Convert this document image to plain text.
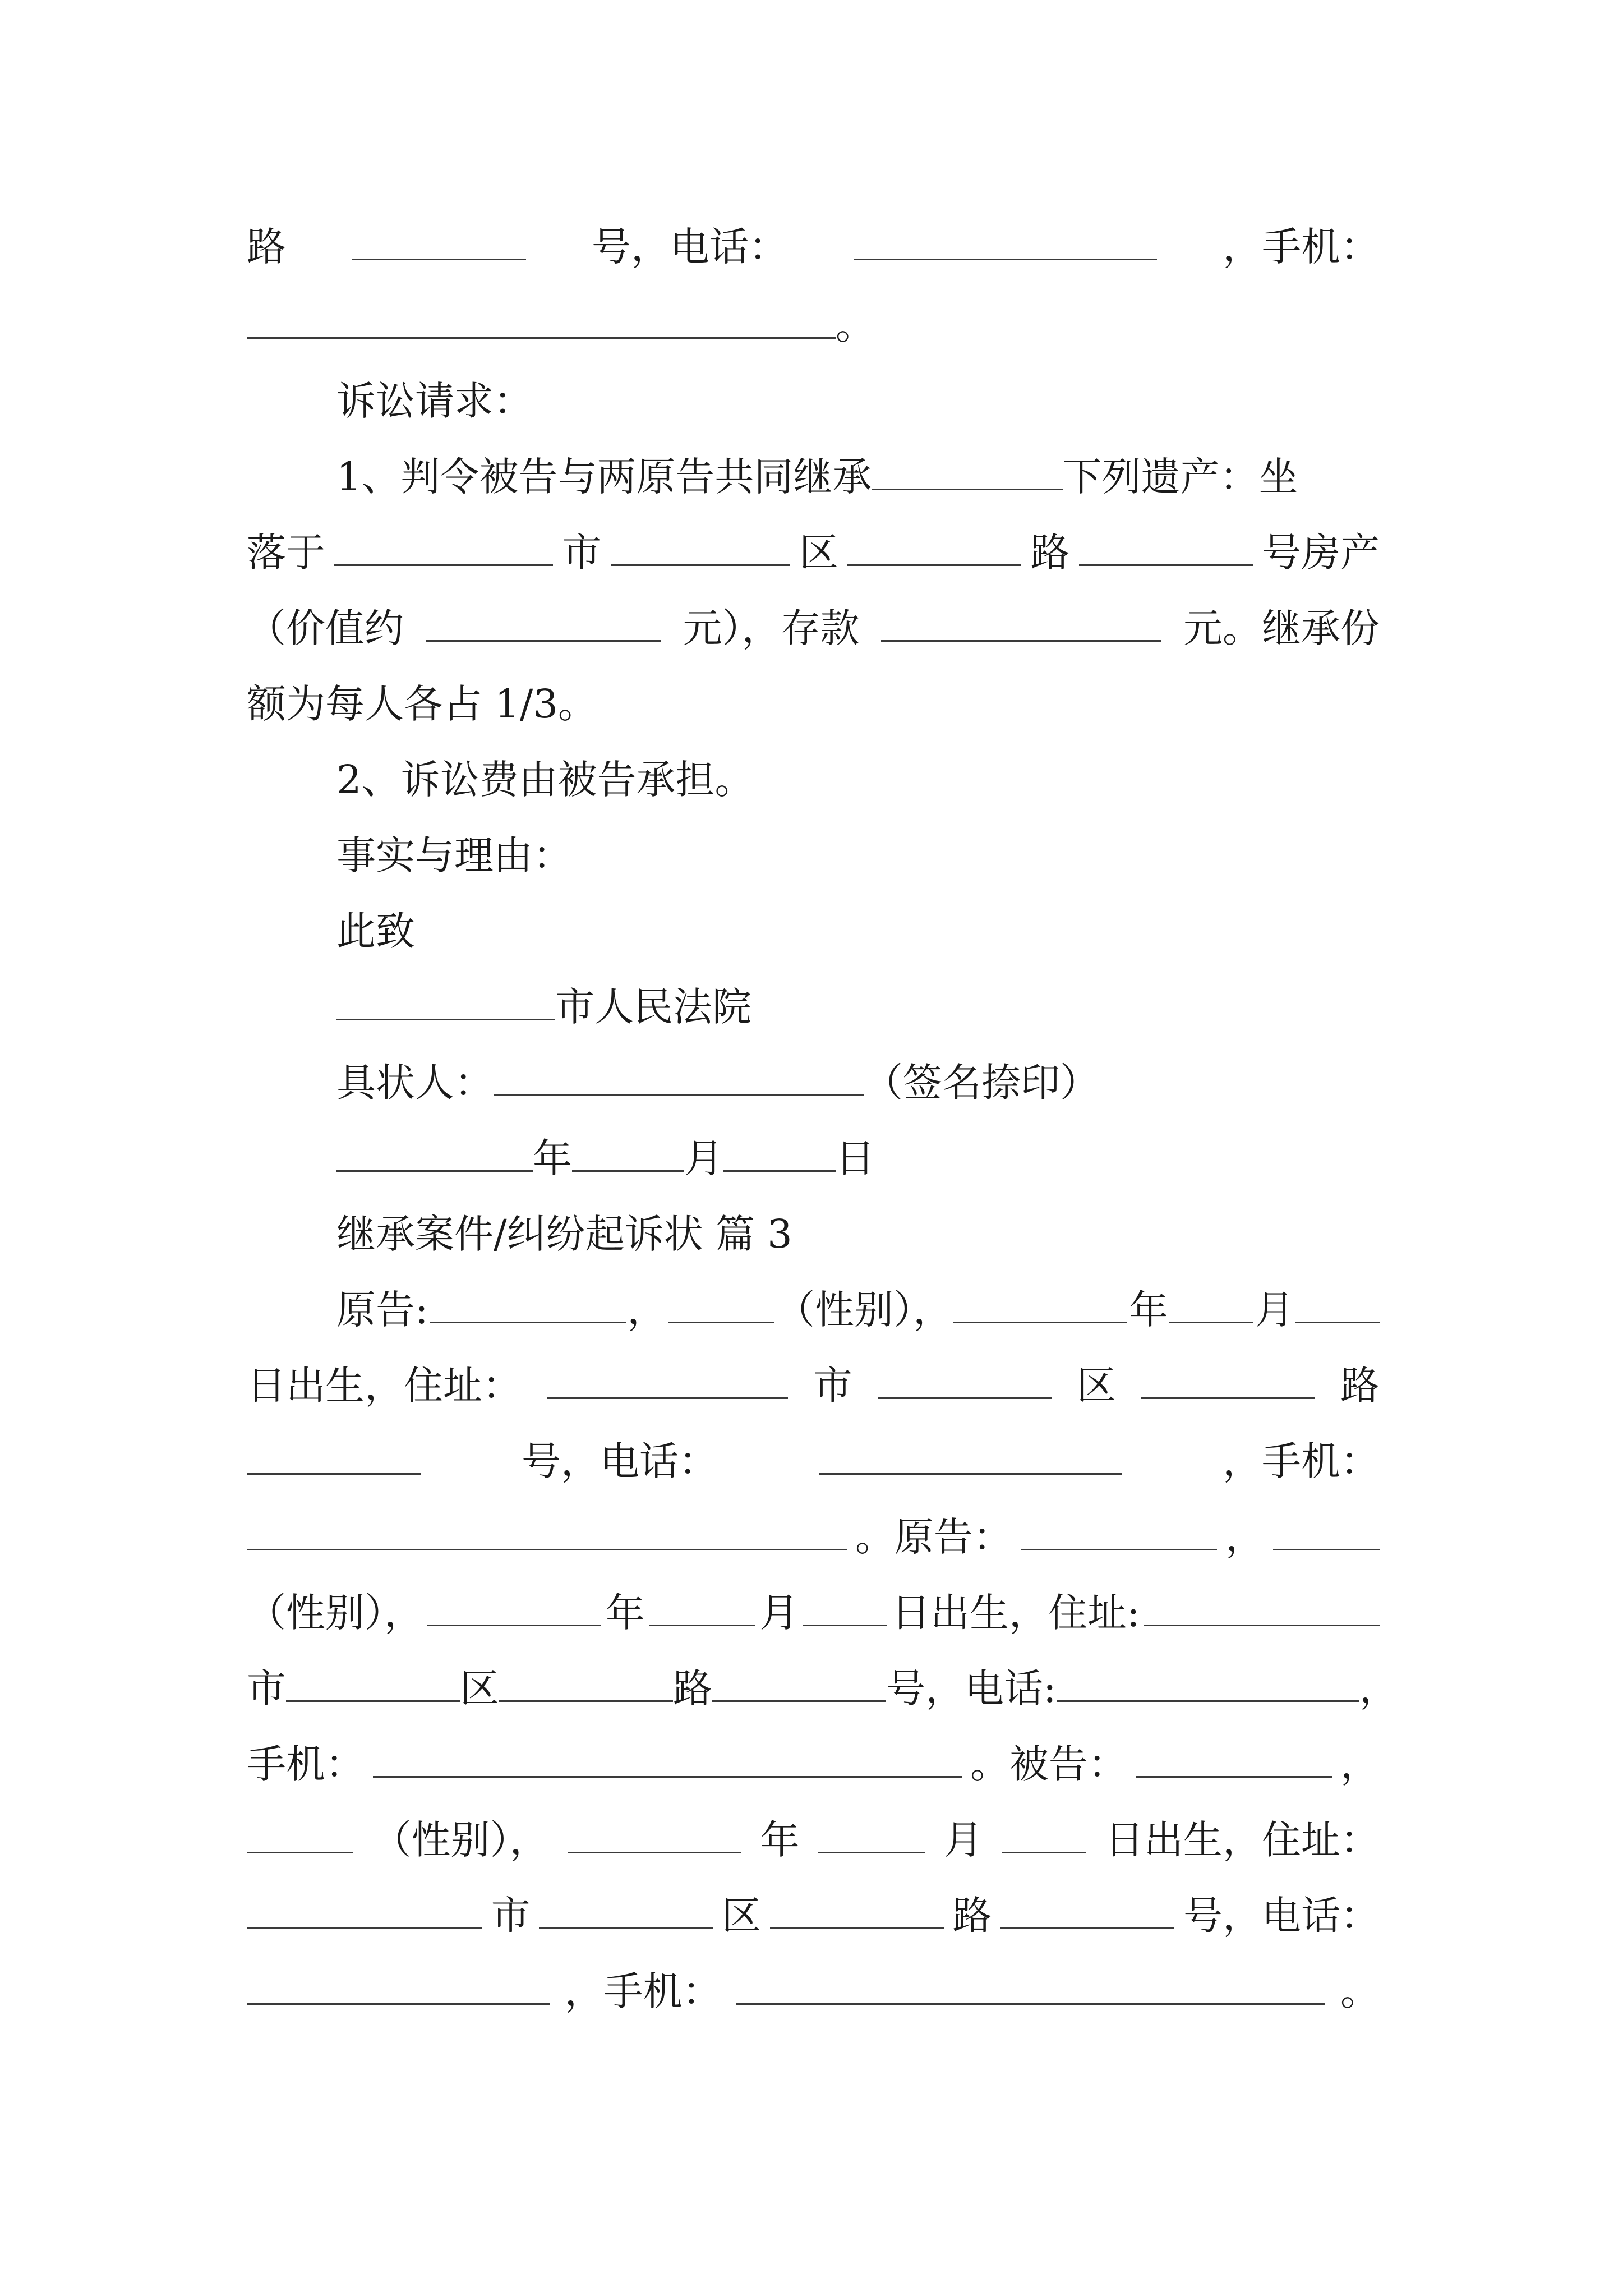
路	号，电话：	，手机：
。
诉讼请求：
1、判令被告与两原告共同继承	下列遗产：坐
落于	市	区	路	号房产
（价值约	元），存款	元。继承份
额为每人各占 1/3。
2、诉讼费由被告承担。
事实与理由：
此致
市人民法院
具状人：	（签名捺印）
年	月	日
继承案件/纠纷起诉状 篇 3
原告:	，	（性别），	年 月
日出生，住址：	市	区	路
号，电话：	，手机：
。原告：	，
（性别），	年	月 日出生，住址:
市	区	路	号，电话:	，
手机：	。被告：	，
（性别），	年	月	日出生，住址：
市	区	路	号，电话：
，手机：	。
